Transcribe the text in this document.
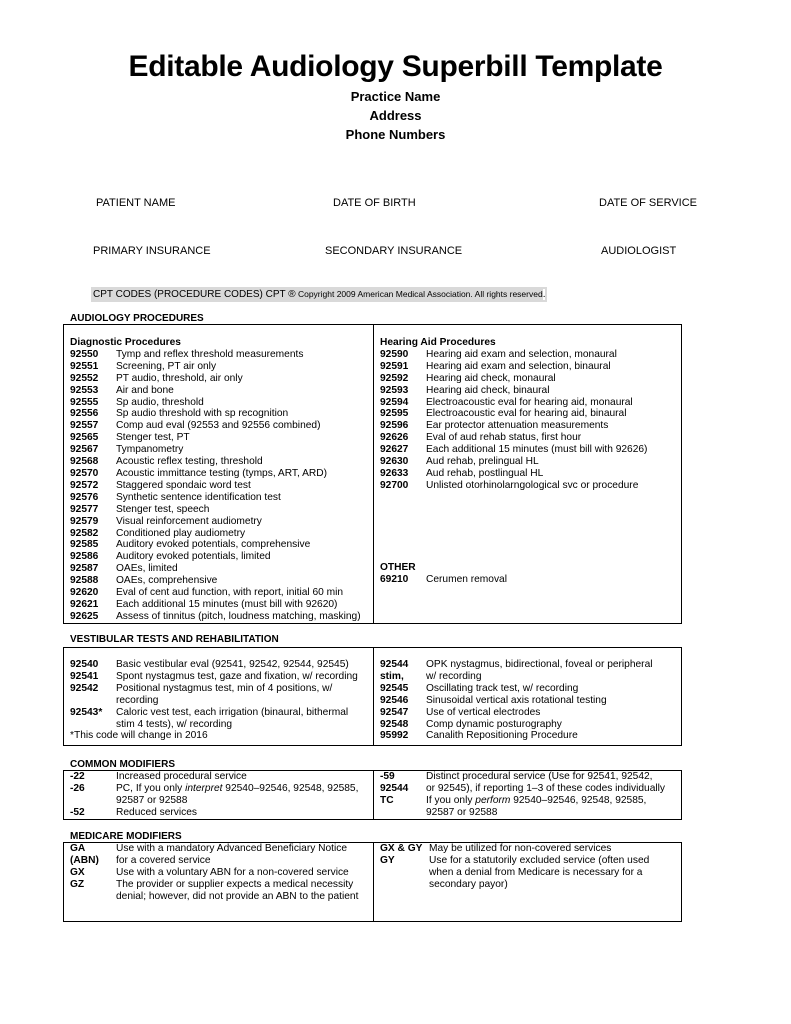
Editable Audiology Superbill Template
Practice Name
Address
Phone Numbers
PATIENT NAME	DATE OF BIRTH	DATE OF SERVICE
PRIMARY INSURANCE	SECONDARY INSURANCE	AUDIOLOGIST
CPT CODES (PROCEDURE CODES) CPT ® Copyright 2009 American Medical Association. All rights reserved.
AUDIOLOGY PROCEDURES
Diagnostic Procedures
92550	Tymp and reflex threshold measurements
92551	Screening, PT air only
92552	PT audio, threshold, air only
92553	Air and bone
92555	Sp audio, threshold
92556	Sp audio threshold with sp recognition
92557	Comp aud eval (92553 and 92556 combined)
92565	Stenger test, PT
92567	Tympanometry
92568	Acoustic reflex testing, threshold
92570	Acoustic immittance testing (tymps, ART, ARD)
92572	Staggered spondaic word test
92576	Synthetic sentence identification test
92577	Stenger test, speech
92579	Visual reinforcement audiometry
92582	Conditioned play audiometry
92585	Auditory evoked potentials, comprehensive
92586	Auditory evoked potentials, limited
92587	OAEs, limited
92588	OAEs, comprehensive
92620	Eval of cent aud function, with report, initial 60 min
92621	Each additional 15 minutes (must bill with 92620)
92625	Assess of tinnitus (pitch, loudness matching, masking)
Hearing Aid Procedures
92590	Hearing aid exam and selection, monaural
92591	Hearing aid exam and selection, binaural
92592	Hearing aid check, monaural
92593	Hearing aid check, binaural
92594	Electroacoustic eval for hearing aid, monaural
92595	Electroacoustic eval for hearing aid, binaural
92596	Ear protector attenuation measurements
92626	Eval of aud rehab status, first hour
92627	Each additional 15 minutes (must bill with 92626)
92630	Aud rehab, prelingual HL
92633	Aud rehab, postlingual HL
92700	Unlisted otorhinolarngological svc or procedure
OTHER
69210	Cerumen removal
VESTIBULAR TESTS AND REHABILITATION
92540	Basic vestibular eval (92541, 92542, 92544, 92545)
92541	Spont nystagmus test, gaze and fixation, w/ recording
92542	Positional nystagmus test, min of 4 positions, w/
recording
92543*	Caloric vest test, each irrigation (binaural, bithermal
stim 4 tests), w/ recording
*This code will change in 2016
92544	OPK nystagmus, bidirectional, foveal or peripheral
stim,	w/ recording
92545	Oscillating track test, w/ recording
92546	Sinusoidal vertical axis rotational testing
92547	Use of vertical electrodes
92548	Comp dynamic posturography
95992	Canalith Repositioning Procedure
COMMON MODIFIERS
-22	Increased procedural service
-26	PC, If you only interpret 92540–92546, 92548, 92585,
92587 or 92588
-52	Reduced services
-59	Distinct procedural service (Use for 92541, 92542,
92544	or 92545), if reporting 1–3 of these codes individually
TC	If you only perform 92540–92546, 92548, 92585,
92587 or 92588
MEDICARE MODIFIERS
GA	Use with a mandatory Advanced Beneficiary Notice
(ABN)	for a covered service
GX	Use with a voluntary ABN for a non-covered service
GZ	The provider or supplier expects a medical necessity
denial; however, did not provide an ABN to the patient
GX & GY May be utilized for non-covered services
GY	Use for a statutorily excluded service (often used
when a denial from Medicare is necessary for a
secondary payor)
